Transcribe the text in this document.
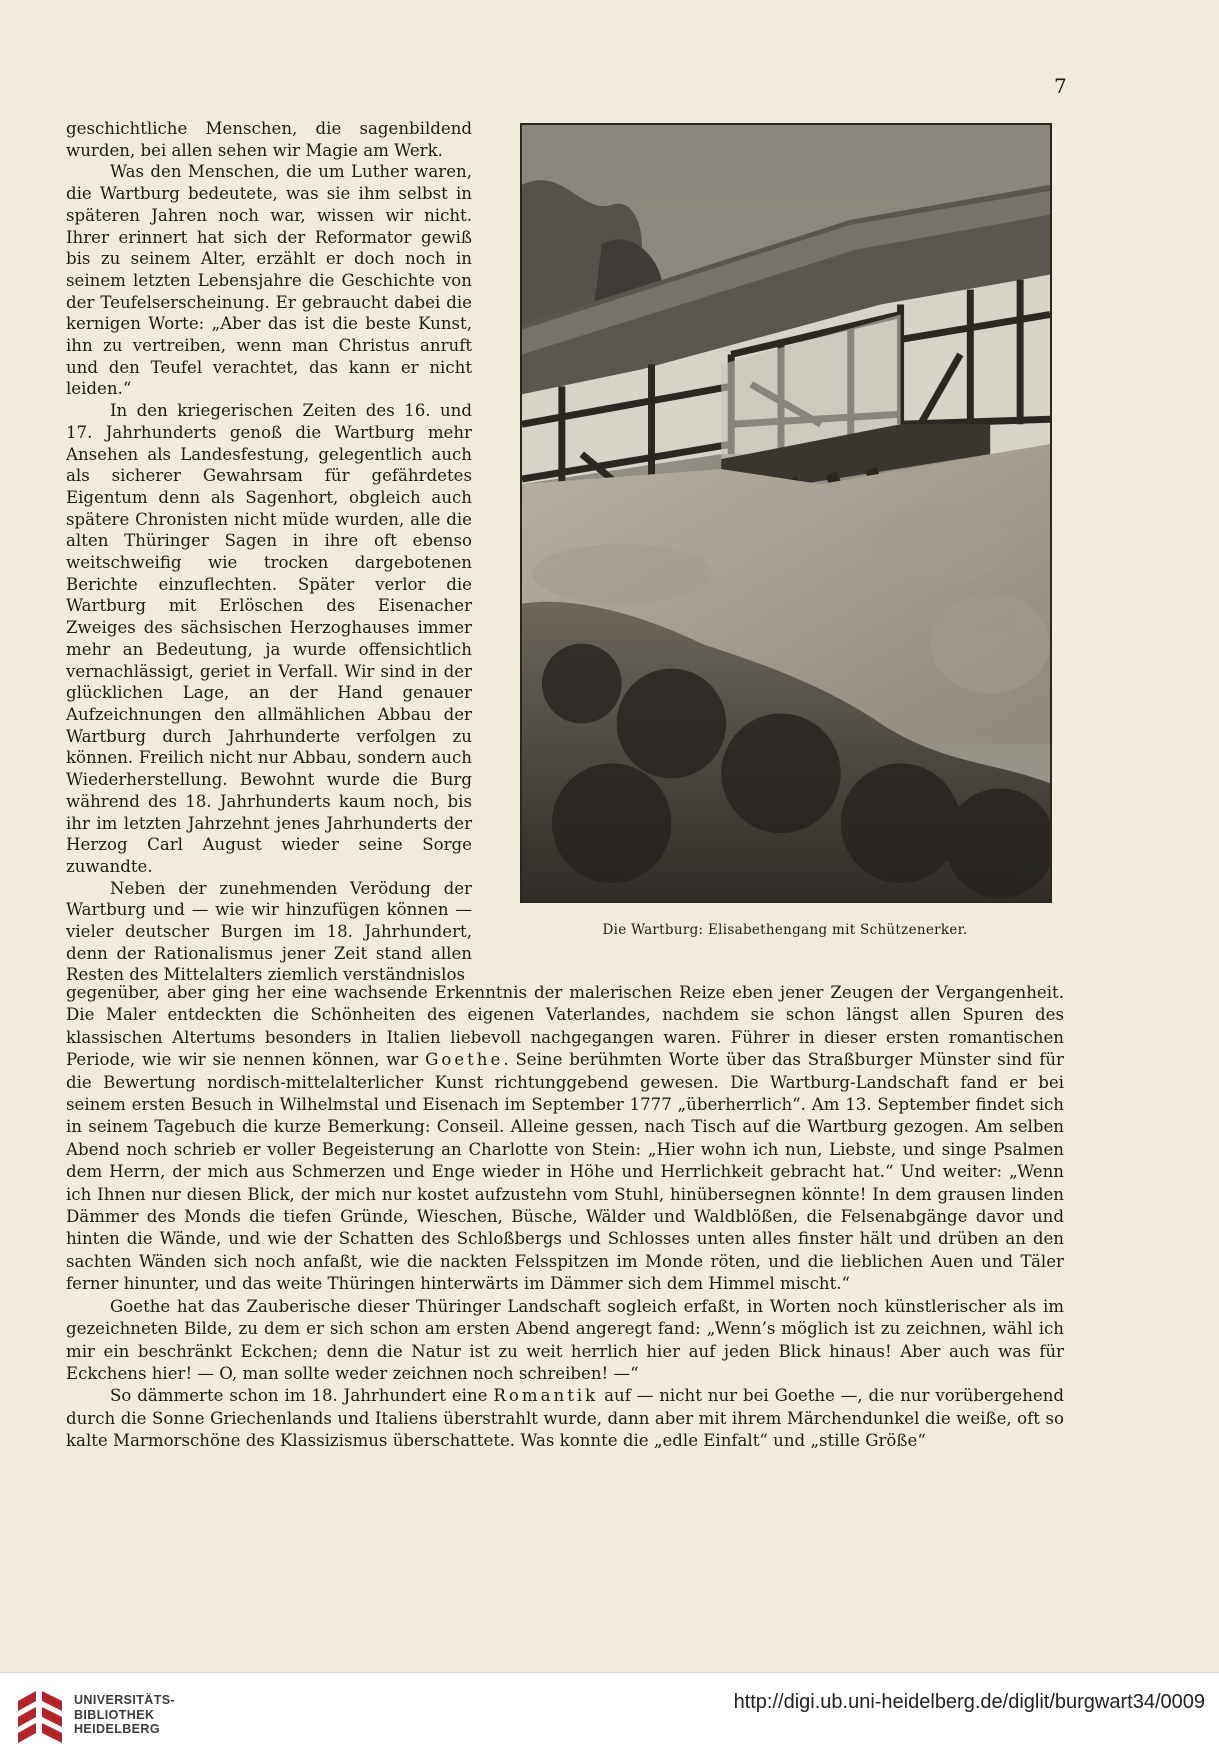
7

geschichtliche Menschen, die sagenbildend wurden, bei allen sehen wir Magie am Werk.

Was den Menschen, die um Luther waren, die Wartburg bedeutete, was sie ihm selbst in späteren Jahren noch war, wissen wir nicht. Ihrer erinnert hat sich der Reformator gewiß bis zu seinem Alter, erzählt er doch noch in seinem letzten Lebensjahre die Geschichte von der Teufelserscheinung. Er gebraucht dabei die kernigen Worte: „Aber das ist die beste Kunst, ihn zu vertreiben, wenn man Christus anruft und den Teufel verachtet, das kann er nicht leiden.“

In den kriegerischen Zeiten des 16. und 17. Jahrhunderts genoß die Wartburg mehr Ansehen als Landesfestung, gelegentlich auch als sicherer Gewahrsam für gefährdetes Eigentum denn als Sagenhort, obgleich auch spätere Chronisten nicht müde wurden, alle die alten Thüringer Sagen in ihre oft ebenso weitschweifig wie trocken dargebotenen Berichte einzuflechten. Später verlor die Wartburg mit Erlöschen des Eisenacher Zweiges des sächsischen Herzoghauses immer mehr an Bedeutung, ja wurde offensichtlich vernachlässigt, geriet in Verfall. Wir sind in der glücklichen Lage, an der Hand genauer Aufzeichnungen den allmählichen Abbau der Wartburg durch Jahrhunderte verfolgen zu können. Freilich nicht nur Abbau, sondern auch Wiederherstellung. Bewohnt wurde die Burg während des 18. Jahrhunderts kaum noch, bis ihr im letzten Jahrzehnt jenes Jahrhunderts der Herzog Carl August wieder seine Sorge zuwandte.

Neben der zunehmenden Verödung der Wartburg und — wie wir hinzufügen können — vieler deutscher Burgen im 18. Jahrhundert, denn der Rationalismus jener Zeit stand allen Resten des Mittelalters ziemlich verständnislos

Die Wartburg: Elisabethengang mit Schützenerker.

gegenüber, aber ging her eine wachsende Erkenntnis der malerischen Reize eben jener Zeugen der Vergangenheit. Die Maler entdeckten die Schönheiten des eigenen Vaterlandes, nachdem sie schon längst allen Spuren des klassischen Altertums besonders in Italien liebevoll nachgegangen waren. Führer in dieser ersten romantischen Periode, wie wir sie nennen können, war Goethe. Seine berühmten Worte über das Straßburger Münster sind für die Bewertung nordisch-mittelalterlicher Kunst richtunggebend gewesen. Die Wartburg-Landschaft fand er bei seinem ersten Besuch in Wilhelmstal und Eisenach im September 1777 „überherrlich“. Am 13. September findet sich in seinem Tagebuch die kurze Bemerkung: Conseil. Alleine gessen, nach Tisch auf die Wartburg gezogen. Am selben Abend noch schrieb er voller Begeisterung an Charlotte von Stein: „Hier wohn ich nun, Liebste, und singe Psalmen dem Herrn, der mich aus Schmerzen und Enge wieder in Höhe und Herrlichkeit gebracht hat.“ Und weiter: „Wenn ich Ihnen nur diesen Blick, der mich nur kostet aufzustehn vom Stuhl, hinübersegnen könnte! In dem grausen linden Dämmer des Monds die tiefen Gründe, Wieschen, Büsche, Wälder und Waldblößen, die Felsenabgänge davor und hinten die Wände, und wie der Schatten des Schloßbergs und Schlosses unten alles finster hält und drüben an den sachten Wänden sich noch anfaßt, wie die nackten Felsspitzen im Monde röten, und die lieblichen Auen und Täler ferner hinunter, und das weite Thüringen hinterwärts im Dämmer sich dem Himmel mischt.“

Goethe hat das Zauberische dieser Thüringer Landschaft sogleich erfaßt, in Worten noch künstlerischer als im gezeichneten Bilde, zu dem er sich schon am ersten Abend angeregt fand: „Wenn’s möglich ist zu zeichnen, wähl ich mir ein beschränkt Eckchen; denn die Natur ist zu weit herrlich hier auf jeden Blick hinaus! Aber auch was für Eckchens hier! — O, man sollte weder zeichnen noch schreiben! —“

So dämmerte schon im 18. Jahrhundert eine Romantik auf — nicht nur bei Goethe —, die nur vorübergehend durch die Sonne Griechenlands und Italiens überstrahlt wurde, dann aber mit ihrem Märchendunkel die weiße, oft so kalte Marmorschöne des Klassizismus überschattete. Was konnte die „edle Einfalt“ und „stille Größe“

UNIVERSITÄTS-
BIBLIOTHEK
HEIDELBERG
http://digi.ub.uni-heidelberg.de/diglit/burgwart34/0009
